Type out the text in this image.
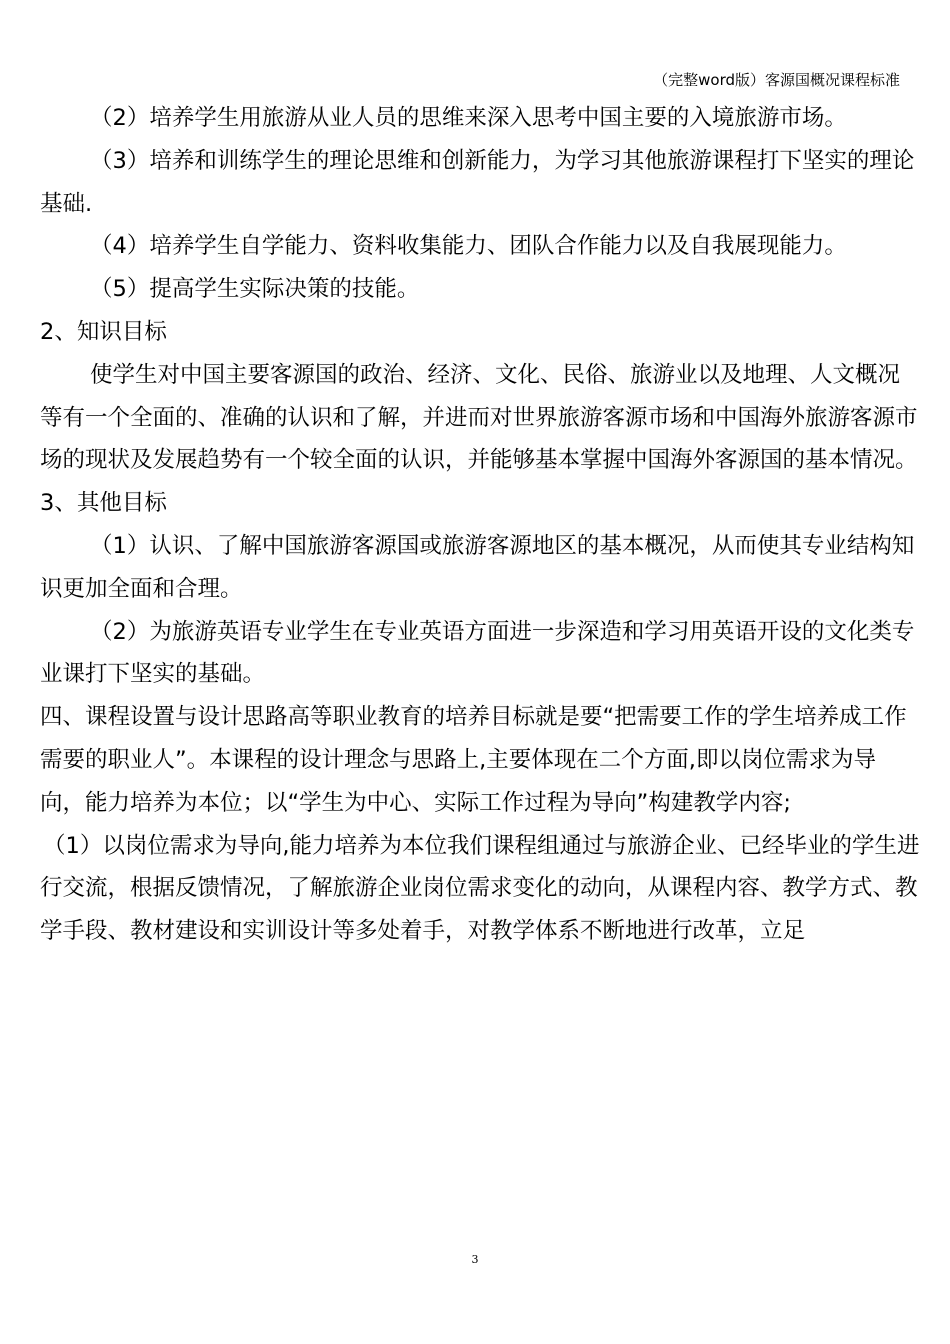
（完整word版）客源国概况课程标准

（2）培养学生用旅游从业人员的思维来深入思考中国主要的入境旅游市场。

（3）培养和训练学生的理论思维和创新能力，为学习其他旅游课程打下坚实的理论基础.

（4）培养学生自学能力、资料收集能力、团队合作能力以及自我展现能力。

（5）提高学生实际决策的技能。

2、知识目标

使学生对中国主要客源国的政治、经济、文化、民俗、旅游业以及地理、人文概况等有一个全面的、准确的认识和了解，并进而对世界旅游客源市场和中国海外旅游客源市场的现状及发展趋势有一个较全面的认识，并能够基本掌握中国海外客源国的基本情况。

3、其他目标

（1）认识、了解中国旅游客源国或旅游客源地区的基本概况，从而使其专业结构知识更加全面和合理。

（2）为旅游英语专业学生在专业英语方面进一步深造和学习用英语开设的文化类专业课打下坚实的基础。

四、课程设置与设计思路高等职业教育的培养目标就是要“把需要工作的学生培养成工作需要的职业人”。本课程的设计理念与思路上,主要体现在二个方面,即以岗位需求为导向，能力培养为本位；以“学生为中心、实际工作过程为导向”构建教学内容;

（1）以岗位需求为导向,能力培养为本位我们课程组通过与旅游企业、已经毕业的学生进行交流，根据反馈情况，了解旅游企业岗位需求变化的动向，从课程内容、教学方式、教学手段、教材建设和实训设计等多处着手，对教学体系不断地进行改革，立足

3
